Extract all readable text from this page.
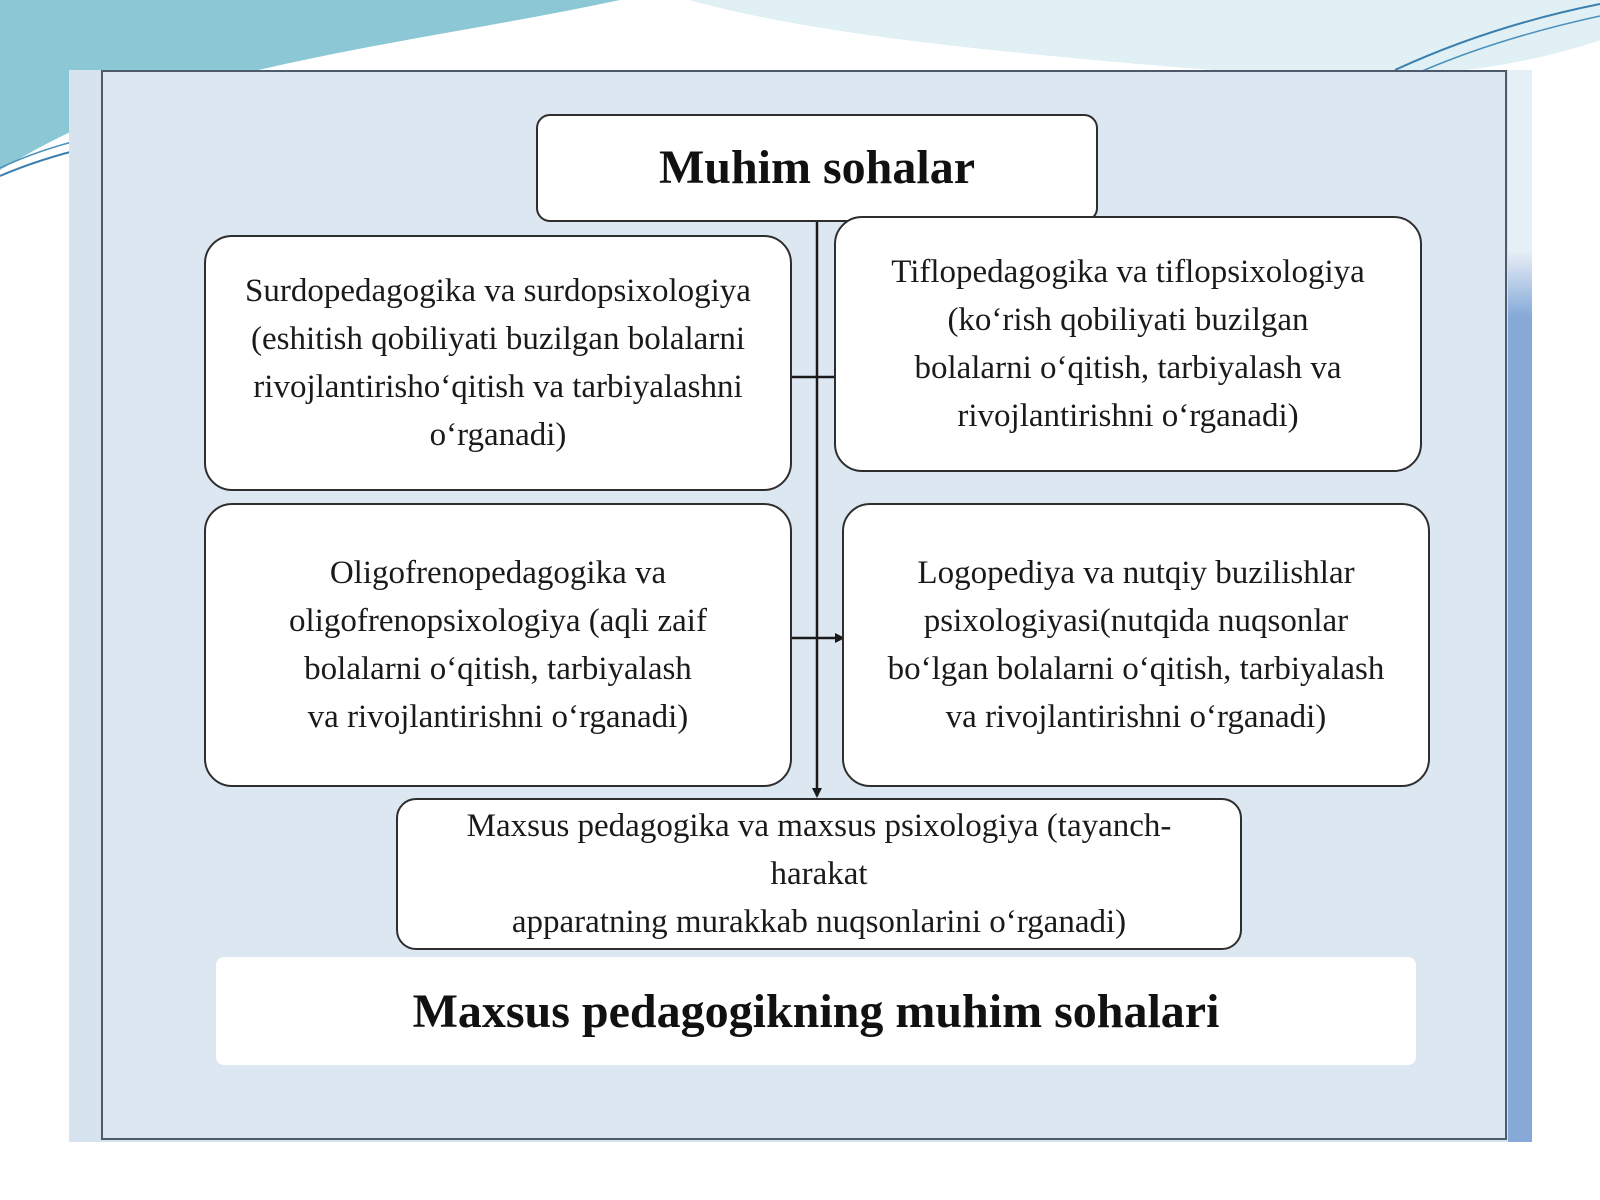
Muhim sohalar
Surdopedagogika va surdopsixologiya
(eshitish qobiliyati buzilgan bolalarni
rivojlantirisho‘qitish va tarbiyalashni
o‘rganadi)
Tiflopedagogika va tiflopsixologiya
(ko‘rish qobiliyati buzilgan
bolalarni o‘qitish, tarbiyalash va
rivojlantirishni o‘rganadi)
Oligofrenopedagogika va
oligofrenopsixologiya (aqli zaif
bolalarni o‘qitish, tarbiyalash
va rivojlantirishni o‘rganadi)
Logopediya va nutqiy buzilishlar
psixologiyasi(nutqida nuqsonlar
bo‘lgan bolalarni o‘qitish, tarbiyalash
va rivojlantirishni o‘rganadi)
Maxsus pedagogika va maxsus psixologiya (tayanch-harakat
apparatning murakkab nuqsonlarini o‘rganadi)
Maxsus pedagogikning muhim sohalari
